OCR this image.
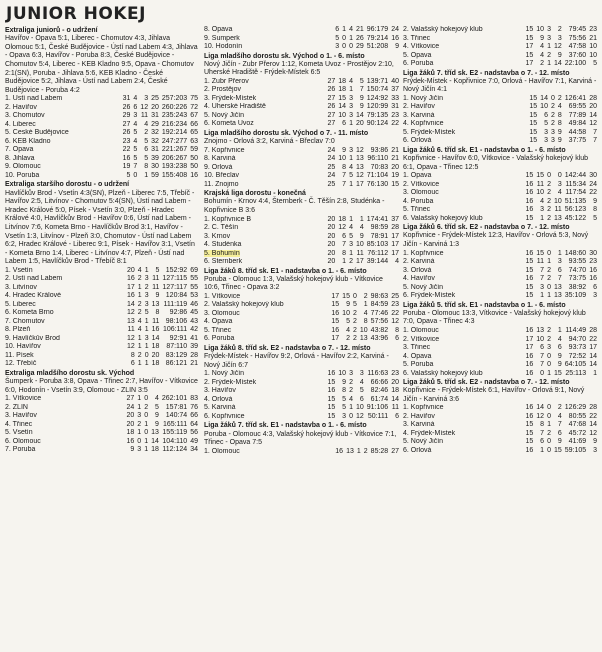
JUNIOR HOKEJ
Extraliga juniorů - o udržení
Havířov - Opava 5:1, Liberec - Chomutov 4:3, Jihlava Olomouc 5:1, České Budějovice - Ústí nad Labem 4:3, Jihlava - Opava 6:3, Havířov - Poruba 8:3, České Budějovice - Chomutov 5:4, Liberec - KEB Kladno 9:5, Opava - Chomutov 2:1(SN), Poruba - Jihlava 5:6, KEB Kladno - České Budějovice 5:2, Jihlava - Ústí nad Labem 2:4, České Budějovice - Poruba 4:2
1. Ústí nad Labem	31	4	3	25	257:203	75
2. Havířov	26	6	12	20	260:226	72
3. Chomutov	29	3	11	31	235:243	67
4. Liberec	27	4	4	29	216:234	66
5. České Budějovice	26	5	2	32	192:214	65
6. KEB Kladno	23	4	5	32	247:277	63
7. Opava	22	5	6	31	221:267	59
8. Jihlava	16	5	5	39	206:267	50
9. Olomouc	19	7	8	30	193:238	50
10. Poruba	5	0	1	59	155:408	16
Extraliga staršího dorostu - o udržení
Havlíčkův Brod - Vsetín 4:3(SN), Plzeň - Liberec 7:5, Třebíč - Havířov 2:5, Litvínov - Chomutov 5:4(SN), Ústí nad Labem - Hradec Králové 5:0, Písek - Vsetín 3:0, Plzeň - Hradec Králové 4:0, Havlíčkův Brod - Havířov 0:6, Ústí nad Labem - Litvínov 7:6, Kometa Brno - Havlíčkův Brod 3:1, Havířov - Vsetín 1:3, Litvínov - Plzeň 3:0, Chomutov - Ústí nad Labem 6:2, Hradec Králové - Liberec 9:1, Písek - Havířov 3:1, Vsetín - Kometa Brno 1:4, Liberec - Litvínov 4:7, Plzeň - Ústí nad Labem 1:5, Havlíčkův Brod - Třebíč 8:1
1. Vsetín	20	4	1	5	152:92	69
2. Ústí nad Labem	16	2	3	11	127:115	55
3. Litvínov	17	1	2	11	127:117	55
4. Hradec Králové	16	1	3	9	120:84	53
5. Liberec	14	2	3	13	111:119	46
6. Kometa Brno	12	2	5	8	92:86	45
7. Chomutov	13	4	1	11	98:106	43
8. Plzeň	11	4	1	16	106:111	42
9. Havlíčkův Brod	12	1	3	14	92:91	41
10. Havířov	12	1	1	18	87:110	39
11. Písek	8	2	0	20	83:129	28
12. Třebíč	6	1	1	18	86:121	21
Extraliga mladšího dorostu sk. Východ
Šumperk - Poruba 3:8, Opava - Třinec 2:7, Havířov - Vítkovice 6:0, Hodonín - Vsetín 3:9, Olomouc - ZLIN 3:5
1. Vítkovice	27	1	0	4	262:101	83
2. ZLIN	24	1	2	5	157:81	76
3. Havířov	20	3	0	9	140:74	66
4. Třinec	20	2	1	9	165:111	64
5. Vsetín	18	1	0	13	155:119	56
6. Olomouc	16	0	1	14	104:110	49
7. Poruba	9	3	1	18	112:124	34
8. Opava	6	1	4	21	96:179	24
9. Šumperk	5	0	1	26	79:214	16
10. Hodonín	3	0	0	29	51:208	9
Liga mladšího dorostu sk. Východ o 1. - 6. místo
Nový Jičín - Zubr Přerov 1:12, Kometa Uvoz - Prostějov 2:10, Uherské Hradiště - Frýdek-Místek 6:5
1. Zubr Přerov	27	18	4	5	139:71	40
2. Prostějov	26	18	1	7	150:74	37
3. Frýdek-Místek	27	15	3	9	124:92	33
4. Uherské Hradiště	26	14	3	9	120:99	31
5. Nový Jičín	27	10	3	14	79:135	23
6. Kometa Uvoz	27	6	1	20	90:124	22
Liga mladšího dorostu sk. Východ o 7. - 11. místo
Znojmo - Orlová 3:2, Karviná - Břeclav 7:0
7. Kopřivnice	24	9	3	12	93:86	21
8. Karviná	24	10	1	13	96:110	21
9. Orlová	25	8	4	13	70:83	20
10. Břeclav	24	7	5	12	71:104	19
11. Znojmo	25	7	1	17	76:130	15
Krajská liga dorostu - konečná
Bohumín - Krnov 4:4, Šternberk - Č. Těšín 2:8, Studénka - Kopřivnice B 3:6
1. Kopřivnice B	20	18	1	1	174:41	37
2. Č. Těšín	20	12	4	4	98:59	28
3. Krnov	20	6	5	9	78:91	17
4. Studénka	20	7	3	10	85:103	17
5. Bohumín	20	8	1	11	76:112	17
6. Šternberk	20	1	2	17	39:144	4
Liga žáků 8. tříd sk. E1 - nadstavba o 1. - 6. místo
Poruba - Olomouc 1:3, Valašský hokejový klub - Vítkovice 10:6, Třinec - Opava 3:2
1. Vítkovice	17	15	0	2	98:63	25
2. Valašský hokejový klub	15	9	5	1	84:59	23
3. Olomouc	16	10	2	4	77:46	22
4. Opava	15	5	2	8	57:56	12
5. Třinec	16	4	2	10	43:82	8
6. Poruba	17	2	2	13	43:96	6
Liga žáků 8. tříd sk. E2 - nadstavba o 7. - 12. místo
Frýdek-Místek - Havířov 9:2, Orlová - Havířov 2:2, Karviná - Nový Jičín 6:7
1. Nový Jičín	16	10	3	3	116:63	23
2. Frýdek-Místek	15	9	2	4	66:66	20
3. Havířov	16	8	2	5	82:46	18
4. Orlová	15	5	4	6	61:74	14
5. Karviná	15	5	1	10	91:106	11
6. Kopřivnice	15	3	0	12	50:111	6
Liga žáků 7. tříd sk. E1 - nadstavba o 1. - 6. místo
Poruba - Olomouc 4:3, Valašský hokejový klub - Vítkovice 7:1, Třinec - Opava 7:5
1. Olomouc	16	13	1	2	85:28	27
2. Valašský hokejový klub	15	10	3	2	79:45	23
3. Třinec	15	9	3	3	75:56	21
4. Vítkovice	17	4	1	12	47:58	10
5. Opava	15	4	2	9	37:60	10
6. Poruba	17	2	1	14	22:100	5
Liga žáků 7. tříd sk. E2 - nadstavba o 7. - 12. místo
Frýdek-Místek - Kopřivnice 7:0, Orlová - Havířov 7:1, Karviná - Nový Jičín 4:1
1. Nový Jičín	15	14	0	2	126:41	28
2. Havířov	15	10	2	4	69:55	20
3. Karviná	15	6	2	8	77:89	14
4. Kopřivnice	15	5	2	8	49:84	12
5. Frýdek-Místek	15	3	3	9	44:58	7
6. Orlová	15	3	3	9	37:75	7
Liga žáků 6. tříd sk. E1 - nadstavba o 1. - 6. místo
Kopřivnice - Havířov 6:0, Vítkovice - Valašský hokejový klub 6:1, Opava - Třinec 12:5
1. Opava	15	15	0	0	142:44	30
2. Vítkovice	16	11	2	3	115:34	24
3. Olomouc	16	10	2	4	117:54	22
4. Poruba	16	4	2	10	51:135	9
5. Třinec	16	3	2	11	56:123	8
6. Valašský hokejový klub	15	1	2	13	45:122	5
Liga žáků 6. tříd sk. E2 - nadstavba o 7. - 12. místo
Kopřivnice - Frýdek-Místek 12:3, Havířov - Orlová 5:3, Nový Jičín - Karviná 1:3
1. Kopřivnice	16	15	0	1	148:60	30
2. Karviná	15	11	1	3	93:55	23
3. Orlová	15	7	2	6	74:70	16
4. Havířov	16	7	2	7	73:75	16
5. Nový Jičín	15	3	0	13	38:92	6
6. Frýdek-Místek	15	1	1	13	35:109	3
Liga žáků 5. tříd sk. E1 - nadstavba o 1. - 6. místo
Poruba - Olomouc 13:3, Vítkovice - Valašský hokejový klub 7:0, Opava - Třinec 4:3
1. Olomouc	16	13	2	1	114:49	28
2. Vítkovice	17	10	2	4	94:70	22
3. Třinec	17	6	3	6	93:73	17
4. Opava	16	7	0	9	72:52	14
5. Poruba	16	7	0	9	64:105	14
6. Valašský hokejový klub	16	0	1	15	25:113	1
Liga žáků 5. tříd sk. E2 - nadstavba o 7. - 12. místo
Kopřivnice - Frýdek-Místek 6:1, Havířov - Orlová 9:1, Nový Jičín - Karviná 3:6
1. Kopřivnice	16	14	0	2	126:29	28
2. Havířov	16	12	0	4	80:55	22
3. Karviná	15	8	1	7	47:68	14
4. Frýdek-Místek	15	7	2	6	45:72	12
5. Nový Jičín	15	6	0	9	41:69	9
6. Orlová	16	1	0	15	59:105	3
